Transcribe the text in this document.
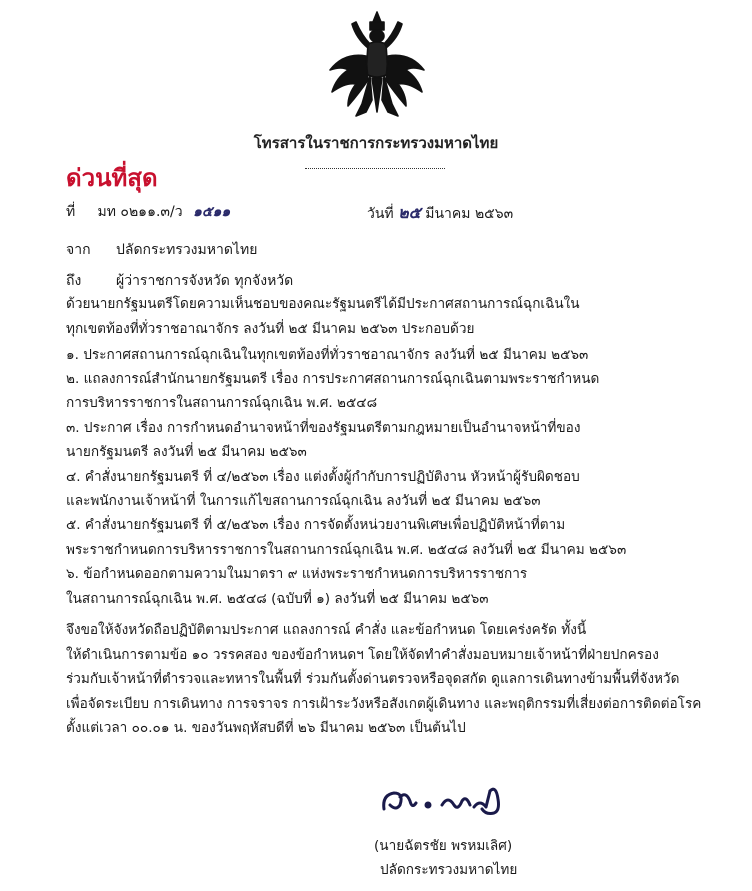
โทรสารในราชการกระทรวงมหาดไทย
ด่วนที่สุด
ที่ มท ๐๒๑๑.๓/ว ๑๕๑๑	วันที่ ๒๕ มีนาคม ๒๕๖๓
จาก ปลัดกระทรวงมหาดไทย
ถึง ผู้ว่าราชการจังหวัด ทุกจังหวัด
ด้วยนายกรัฐมนตรีโดยความเห็นชอบของคณะรัฐมนตรีได้มีประกาศสถานการณ์ฉุกเฉินใน
ทุกเขตท้องที่ทั่วราชอาณาจักร ลงวันที่ ๒๕ มีนาคม ๒๕๖๓ ประกอบด้วย
๑. ประกาศสถานการณ์ฉุกเฉินในทุกเขตท้องที่ทั่วราชอาณาจักร ลงวันที่ ๒๕ มีนาคม ๒๕๖๓
๒. แถลงการณ์สำนักนายกรัฐมนตรี เรื่อง การประกาศสถานการณ์ฉุกเฉินตามพระราชกำหนด
การบริหารราชการในสถานการณ์ฉุกเฉิน พ.ศ. ๒๕๔๘
๓. ประกาศ เรื่อง การกำหนดอำนาจหน้าที่ของรัฐมนตรีตามกฎหมายเป็นอำนาจหน้าที่ของ
นายกรัฐมนตรี ลงวันที่ ๒๕ มีนาคม ๒๕๖๓
๔. คำสั่งนายกรัฐมนตรี ที่ ๔/๒๕๖๓ เรื่อง แต่งตั้งผู้กำกับการปฏิบัติงาน หัวหน้าผู้รับผิดชอบ
และพนักงานเจ้าหน้าที่ ในการแก้ไขสถานการณ์ฉุกเฉิน ลงวันที่ ๒๕ มีนาคม ๒๕๖๓
๕. คำสั่งนายกรัฐมนตรี ที่ ๕/๒๕๖๓ เรื่อง การจัดตั้งหน่วยงานพิเศษเพื่อปฏิบัติหน้าที่ตาม
พระราชกำหนดการบริหารราชการในสถานการณ์ฉุกเฉิน พ.ศ. ๒๕๔๘ ลงวันที่ ๒๕ มีนาคม ๒๕๖๓
๖. ข้อกำหนดออกตามความในมาตรา ๙ แห่งพระราชกำหนดการบริหารราชการ
ในสถานการณ์ฉุกเฉิน พ.ศ. ๒๕๔๘ (ฉบับที่ ๑) ลงวันที่ ๒๕ มีนาคม ๒๕๖๓
จึงขอให้จังหวัดถือปฏิบัติตามประกาศ แถลงการณ์ คำสั่ง และข้อกำหนด โดยเคร่งครัด ทั้งนี้
ให้ดำเนินการตามข้อ ๑๐ วรรคสอง ของข้อกำหนดฯ โดยให้จัดทำคำสั่งมอบหมายเจ้าหน้าที่ฝ่ายปกครอง
ร่วมกับเจ้าหน้าที่ตำรวจและทหารในพื้นที่ ร่วมกันตั้งด่านตรวจหรือจุดสกัด ดูแลการเดินทางข้ามพื้นที่จังหวัด
เพื่อจัดระเบียบ การเดินทาง การจราจร การเฝ้าระวังหรือสังเกตผู้เดินทาง และพฤติกรรมที่เสี่ยงต่อการติดต่อโรค
ตั้งแต่เวลา ๐๐.๐๑ น. ของวันพฤหัสบดีที่ ๒๖ มีนาคม ๒๕๖๓ เป็นต้นไป
(นายฉัตรชัย พรหมเลิศ)
ปลัดกระทรวงมหาดไทย
